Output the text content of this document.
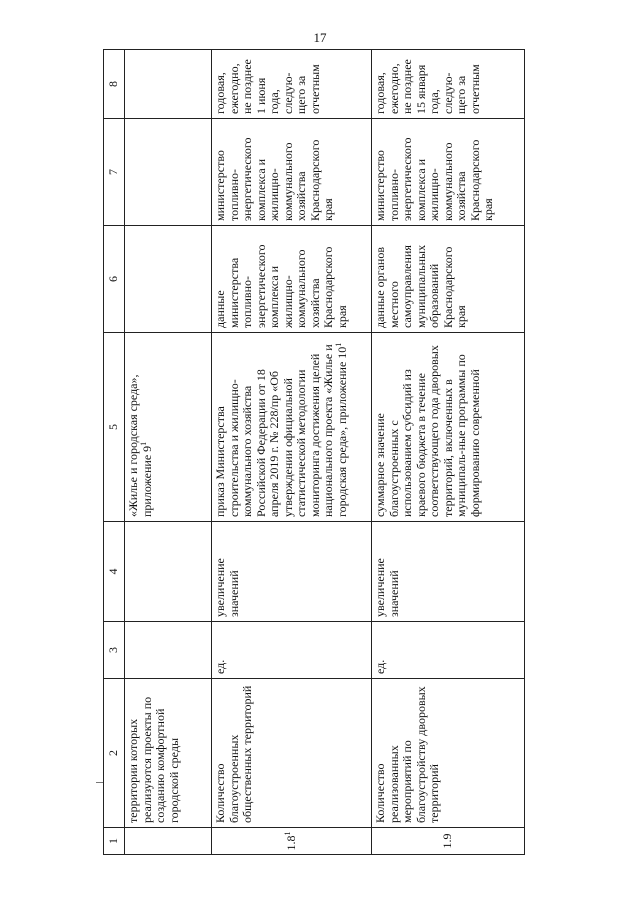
17
1	2	3	4	5	6	7	8
	территории которых реализуются проекты по созданию комфортной городской среды			«Жилье и городская среда», приложение $9^1$			
$1.8^1$	Количество благоустроенных общественных территорий	ед.	увеличение значений	приказ Министерства строительства и жилищно-коммунального хозяйства Российской Федерации от 18 апреля 2019 г. № 228/пр «Об утверждении официальной статистической методологии мониторинга достижения целей национального проекта «Жилье и городская среда», приложение $10^1$	данные министерства топливно-энергетического комплекса и жилищно-коммунального хозяйства Краснодарского края	министерство топливно-энергетического комплекса и жилищно-коммунального хозяйства Краснодарского края	годовая, ежегодно, не позднее 1 июня года, следую-щего за отчетным
1.9	Количество реализованных мероприятий по благоустройству дворовых территорий	ед.	увеличение значений	суммарное значение благоустроенных с использованием субсидий из краевого бюджета в течение соответствующего года дворовых территорий, включенных в муниципаль-ные программы по формированию современной	данные органов местного самоуправления муниципальных образований Краснодарского края	министерство топливно-энергетического комплекса и жилищно-коммунального хозяйства Краснодарского края	годовая, ежегодно, не позднее 15 января года, следую-щего за отчетным
